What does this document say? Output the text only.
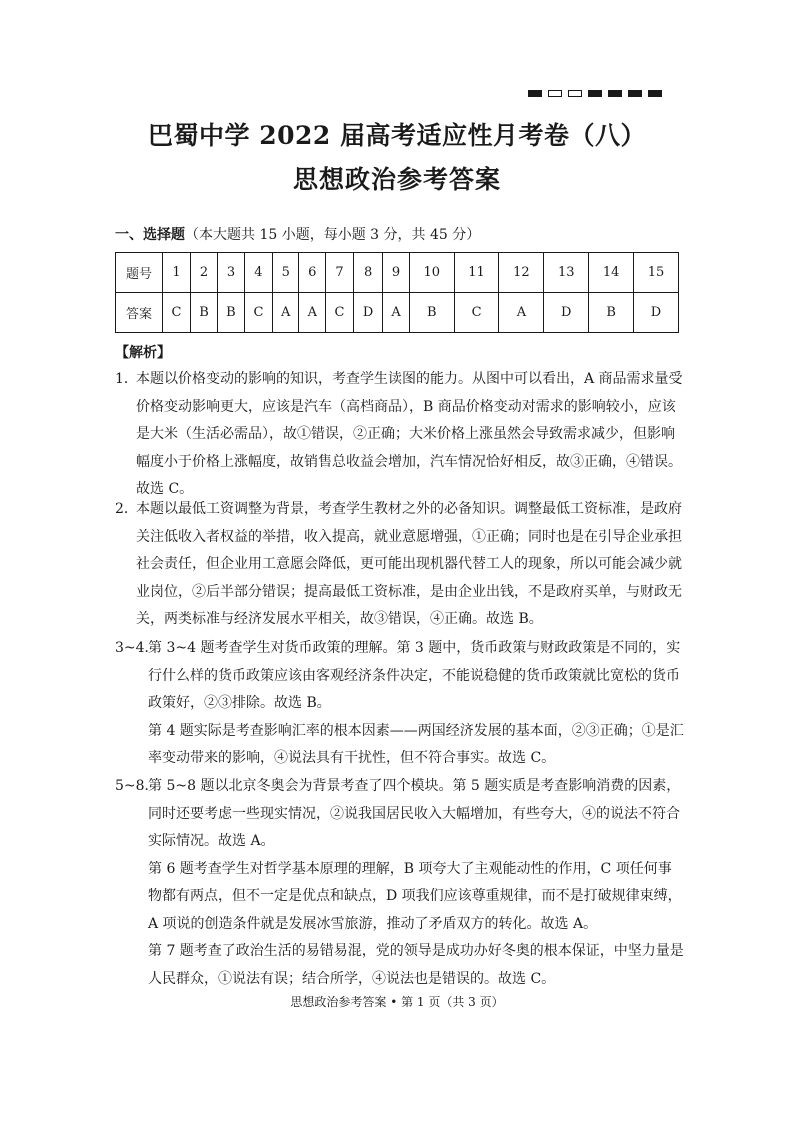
巴蜀中学 2022 届高考适应性月考卷（八）
思想政治参考答案
一、选择题（本大题共 15 小题，每小题 3 分，共 45 分）
题号	1	2	3	4	5	6	7	8	9	10	11	12	13	14	15
答案	C	B	B	C	A	A	C	D	A	B	C	A	D	B	D
【解析】
1．

本题以价格变动的影响的知识，考查学生读图的能力。从图中可以看出，A 商品需求量受价格变动影响更大，应该是汽车（高档商品），B 商品价格变动对需求的影响较小，应该是大米（生活必需品），故①错误，②正确；大米价格上涨虽然会导致需求减少，但影响幅度小于价格上涨幅度，故销售总收益会增加，汽车情况恰好相反，故③正确，④错误。故选 C。

2．

本题以最低工资调整为背景，考查学生教材之外的必备知识。调整最低工资标准，是政府关注低收入者权益的举措，收入提高，就业意愿增强，①正确；同时也是在引导企业承担社会责任，但企业用工意愿会降低，更可能出现机器代替工人的现象，所以可能会减少就业岗位，②后半部分错误；提高最低工资标准，是由企业出钱，不是政府买单，与财政无关，两类标准与经济发展水平相关，故③错误，④正确。故选 B。

3~4．

第 3~4 题考查学生对货币政策的理解。第 3 题中，货币政策与财政政策是不同的，实行什么样的货币政策应该由客观经济条件决定，不能说稳健的货币政策就比宽松的货币政策好，②③排除。故选 B。

第 4 题实际是考查影响汇率的根本因素——两国经济发展的基本面，②③正确；①是汇率变动带来的影响，④说法具有干扰性，但不符合事实。故选 C。

5~8．

第 5~8 题以北京冬奥会为背景考查了四个模块。第 5 题实质是考查影响消费的因素，同时还要考虑一些现实情况，②说我国居民收入大幅增加，有些夸大，④的说法不符合实际情况。故选 A。

第 6 题考查学生对哲学基本原理的理解，B 项夸大了主观能动性的作用，C 项任何事物都有两点，但不一定是优点和缺点，D 项我们应该尊重规律，而不是打破规律束缚，A 项说的创造条件就是发展冰雪旅游，推动了矛盾双方的转化。故选 A。

第 7 题考查了政治生活的易错易混，党的领导是成功办好冬奥的根本保证，中坚力量是人民群众，①说法有误；结合所学，④说法也是错误的。故选 C。

思想政治参考答案 • 第 1 页（共 3 页）
